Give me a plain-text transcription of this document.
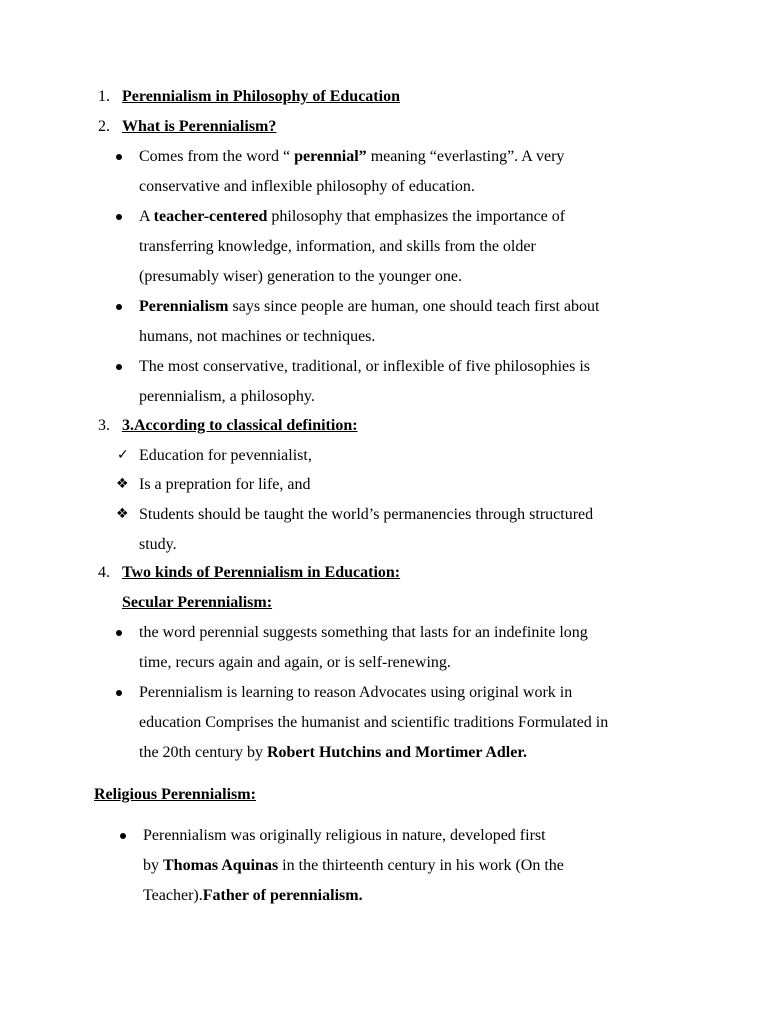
1. Perennialism in Philosophy of Education
2. What is Perennialism?
Comes from the word “ perennial” meaning “everlasting”. A very
conservative and inflexible philosophy of education.
A teacher-centered philosophy that emphasizes the importance of
transferring knowledge, information, and skills from the older
(presumably wiser) generation to the younger one.
Perennialism says since people are human, one should teach first about
humans, not machines or techniques.
The most conservative, traditional, or inflexible of five philosophies is
perennialism, a philosophy.
3. 3.According to classical definition:
✓ Education for pevennialist,
❖ Is a prepration for life, and
❖ Students should be taught the world’s permanencies through structured
study.
4. Two kinds of Perennialism in Education:
Secular Perennialism:
the word perennial suggests something that lasts for an indefinite long
time, recurs again and again, or is self-renewing.
Perennialism is learning to reason Advocates using original work in
education Comprises the humanist and scientific traditions Formulated in
the 20th century by Robert Hutchins and Mortimer Adler.
Religious Perennialism:
Perennialism was originally religious in nature, developed first
by Thomas Aquinas in the thirteenth century in his work (On the
Teacher).Father of perennialism.
